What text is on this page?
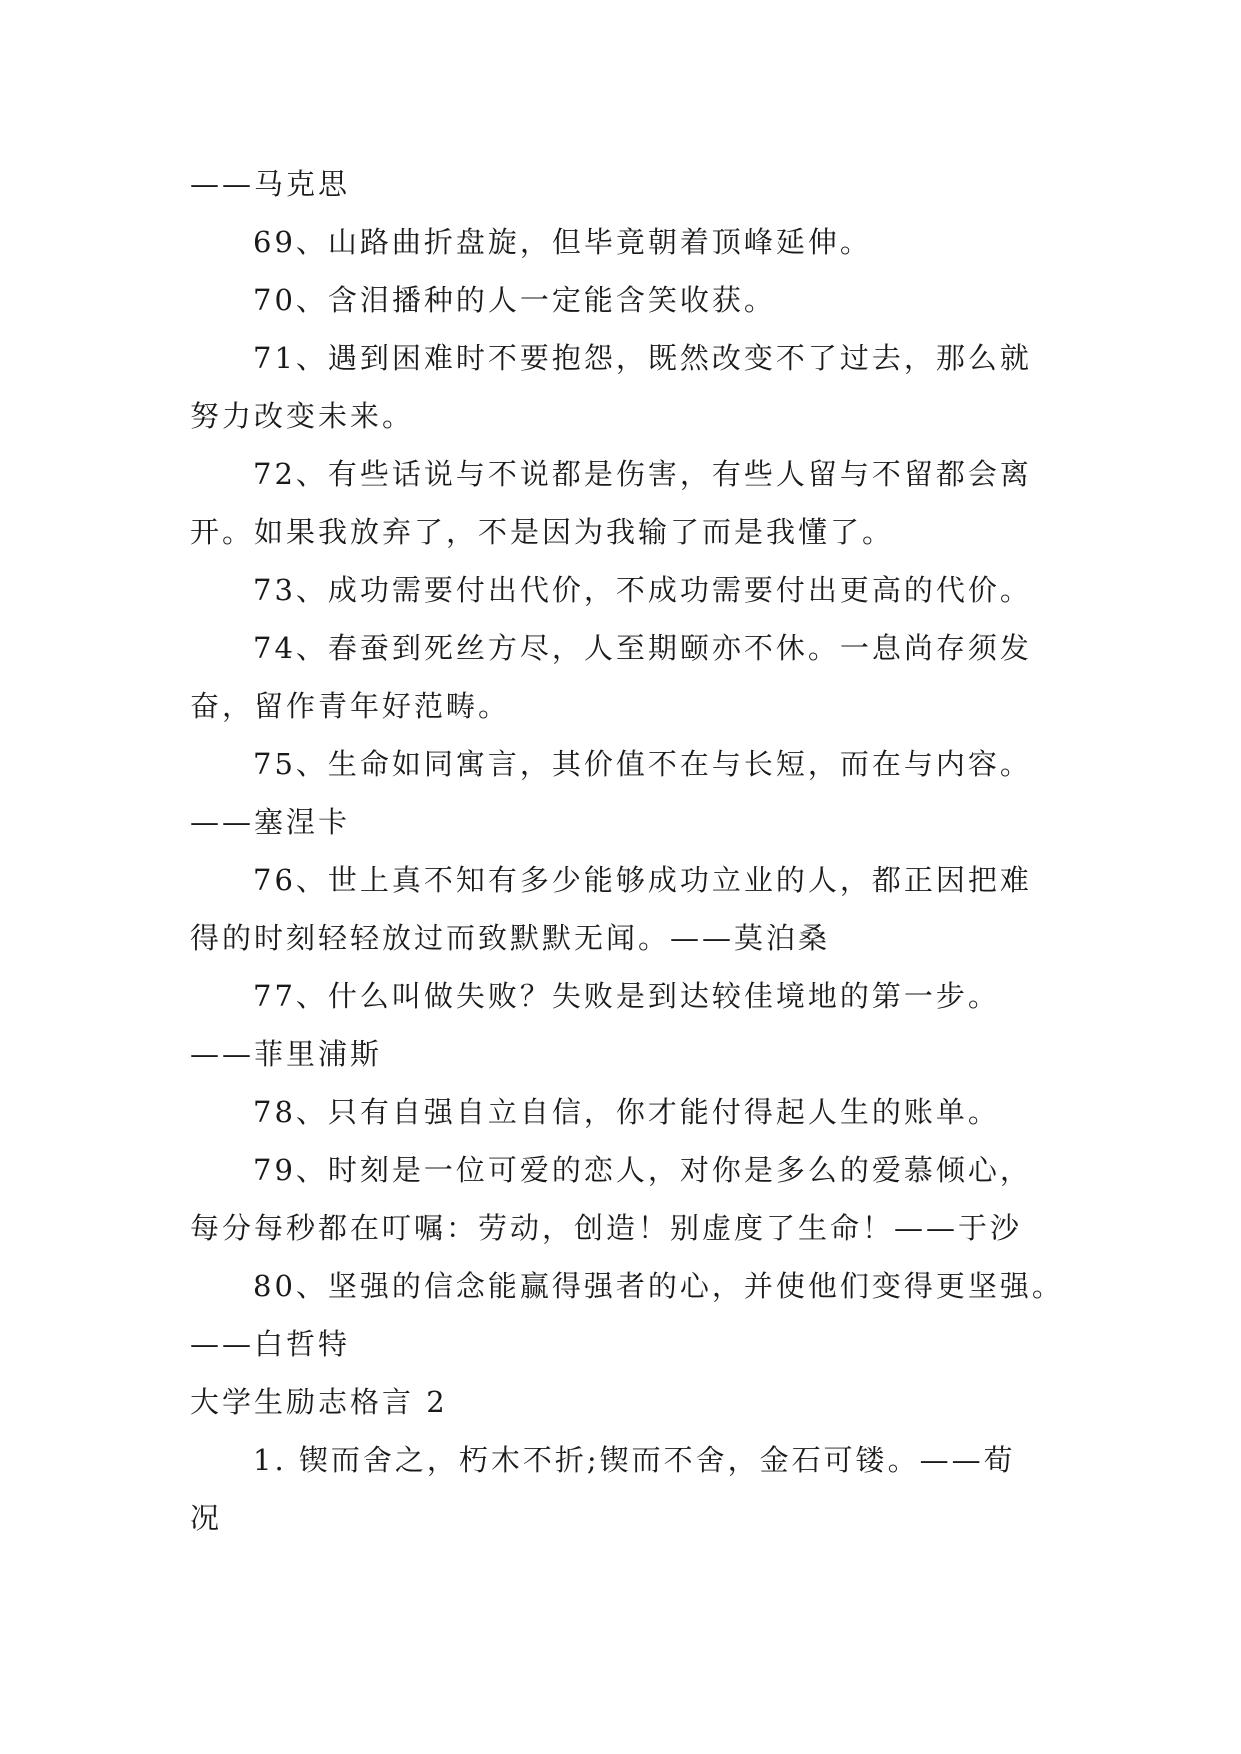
——马克思
69、山路曲折盘旋，但毕竟朝着顶峰延伸。
70、含泪播种的人一定能含笑收获。
71、遇到困难时不要抱怨，既然改变不了过去，那么就
努力改变未来。
72、有些话说与不说都是伤害，有些人留与不留都会离
开。如果我放弃了，不是因为我输了而是我懂了。
73、成功需要付出代价，不成功需要付出更高的代价。
74、春蚕到死丝方尽，人至期颐亦不休。一息尚存须发
奋，留作青年好范畴。
75、生命如同寓言，其价值不在与长短，而在与内容。
——塞涅卡
76、世上真不知有多少能够成功立业的人，都正因把难
得的时刻轻轻放过而致默默无闻。——莫泊桑
77、什么叫做失败？失败是到达较佳境地的第一步。
——菲里浦斯
78、只有自强自立自信，你才能付得起人生的账单。
79、时刻是一位可爱的恋人，对你是多么的爱慕倾心，
每分每秒都在叮嘱：劳动，创造！别虚度了生命！——于沙
80、坚强的信念能赢得强者的心，并使他们变得更坚强。
——白哲特
大学生励志格言 2
1. 锲而舍之，朽木不折;锲而不舍，金石可镂。——荀
况
